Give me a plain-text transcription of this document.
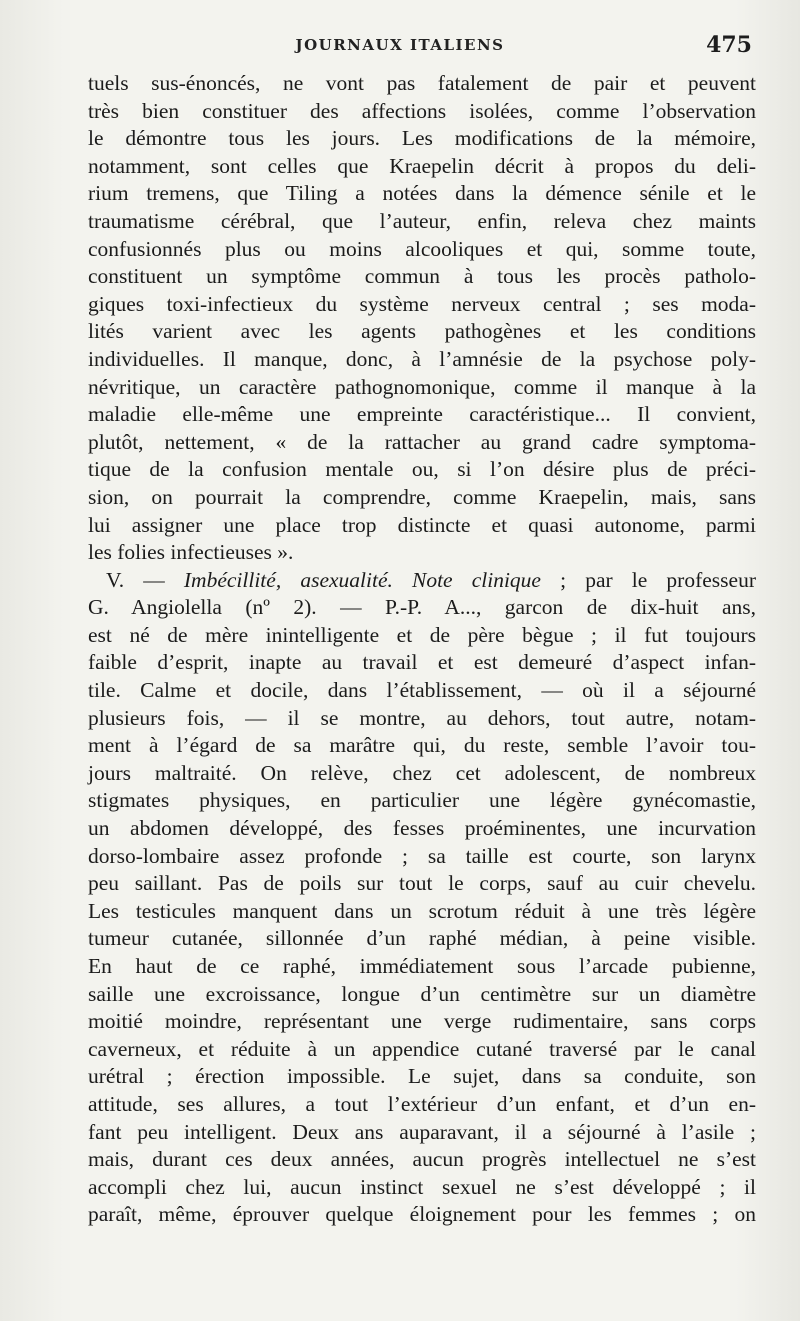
JOURNAUX ITALIENS	475
tuels sus-énoncés, ne vont pas fatalement de pair et peuvent
très bien constituer des affections isolées, comme l’observation
le démontre tous les jours. Les modifications de la mémoire,
notamment, sont celles que Kraepelin décrit à propos du deli-
rium tremens, que Tiling a notées dans la démence sénile et le
traumatisme cérébral, que l’auteur, enfin, releva chez maints
confusionnés plus ou moins alcooliques et qui, somme toute,
constituent un symptôme commun à tous les procès patholo-
giques toxi-infectieux du système nerveux central ; ses moda-
lités varient avec les agents pathogènes et les conditions
individuelles. Il manque, donc, à l’amnésie de la psychose poly-
névritique, un caractère pathognomonique, comme il manque à la
maladie elle-même une empreinte caractéristique... Il convient,
plutôt, nettement, « de la rattacher au grand cadre symptoma-
tique de la confusion mentale ou, si l’on désire plus de préci-
sion, on pourrait la comprendre, comme Kraepelin, mais, sans
lui assigner une place trop distincte et quasi autonome, parmi
les folies infectieuses ».
V. — Imbécillité, asexualité. Note clinique ; par le professeur
G. Angiolella (nº 2). — P.-P. A..., garcon de dix-huit ans,
est né de mère inintelligente et de père bègue ; il fut toujours
faible d’esprit, inapte au travail et est demeuré d’aspect infan-
tile. Calme et docile, dans l’établissement, — où il a séjourné
plusieurs fois, — il se montre, au dehors, tout autre, notam-
ment à l’égard de sa marâtre qui, du reste, semble l’avoir tou-
jours maltraité. On relève, chez cet adolescent, de nombreux
stigmates physiques, en particulier une légère gynécomastie,
un abdomen développé, des fesses proéminentes, une incurvation
dorso-lombaire assez profonde ; sa taille est courte, son larynx
peu saillant. Pas de poils sur tout le corps, sauf au cuir chevelu.
Les testicules manquent dans un scrotum réduit à une très légère
tumeur cutanée, sillonnée d’un raphé médian, à peine visible.
En haut de ce raphé, immédiatement sous l’arcade pubienne,
saille une excroissance, longue d’un centimètre sur un diamètre
moitié moindre, représentant une verge rudimentaire, sans corps
caverneux, et réduite à un appendice cutané traversé par le canal
urétral ; érection impossible. Le sujet, dans sa conduite, son
attitude, ses allures, a tout l’extérieur d’un enfant, et d’un en-
fant peu intelligent. Deux ans auparavant, il a séjourné à l’asile ;
mais, durant ces deux années, aucun progrès intellectuel ne s’est
accompli chez lui, aucun instinct sexuel ne s’est développé ; il
paraît, même, éprouver quelque éloignement pour les femmes ; on
